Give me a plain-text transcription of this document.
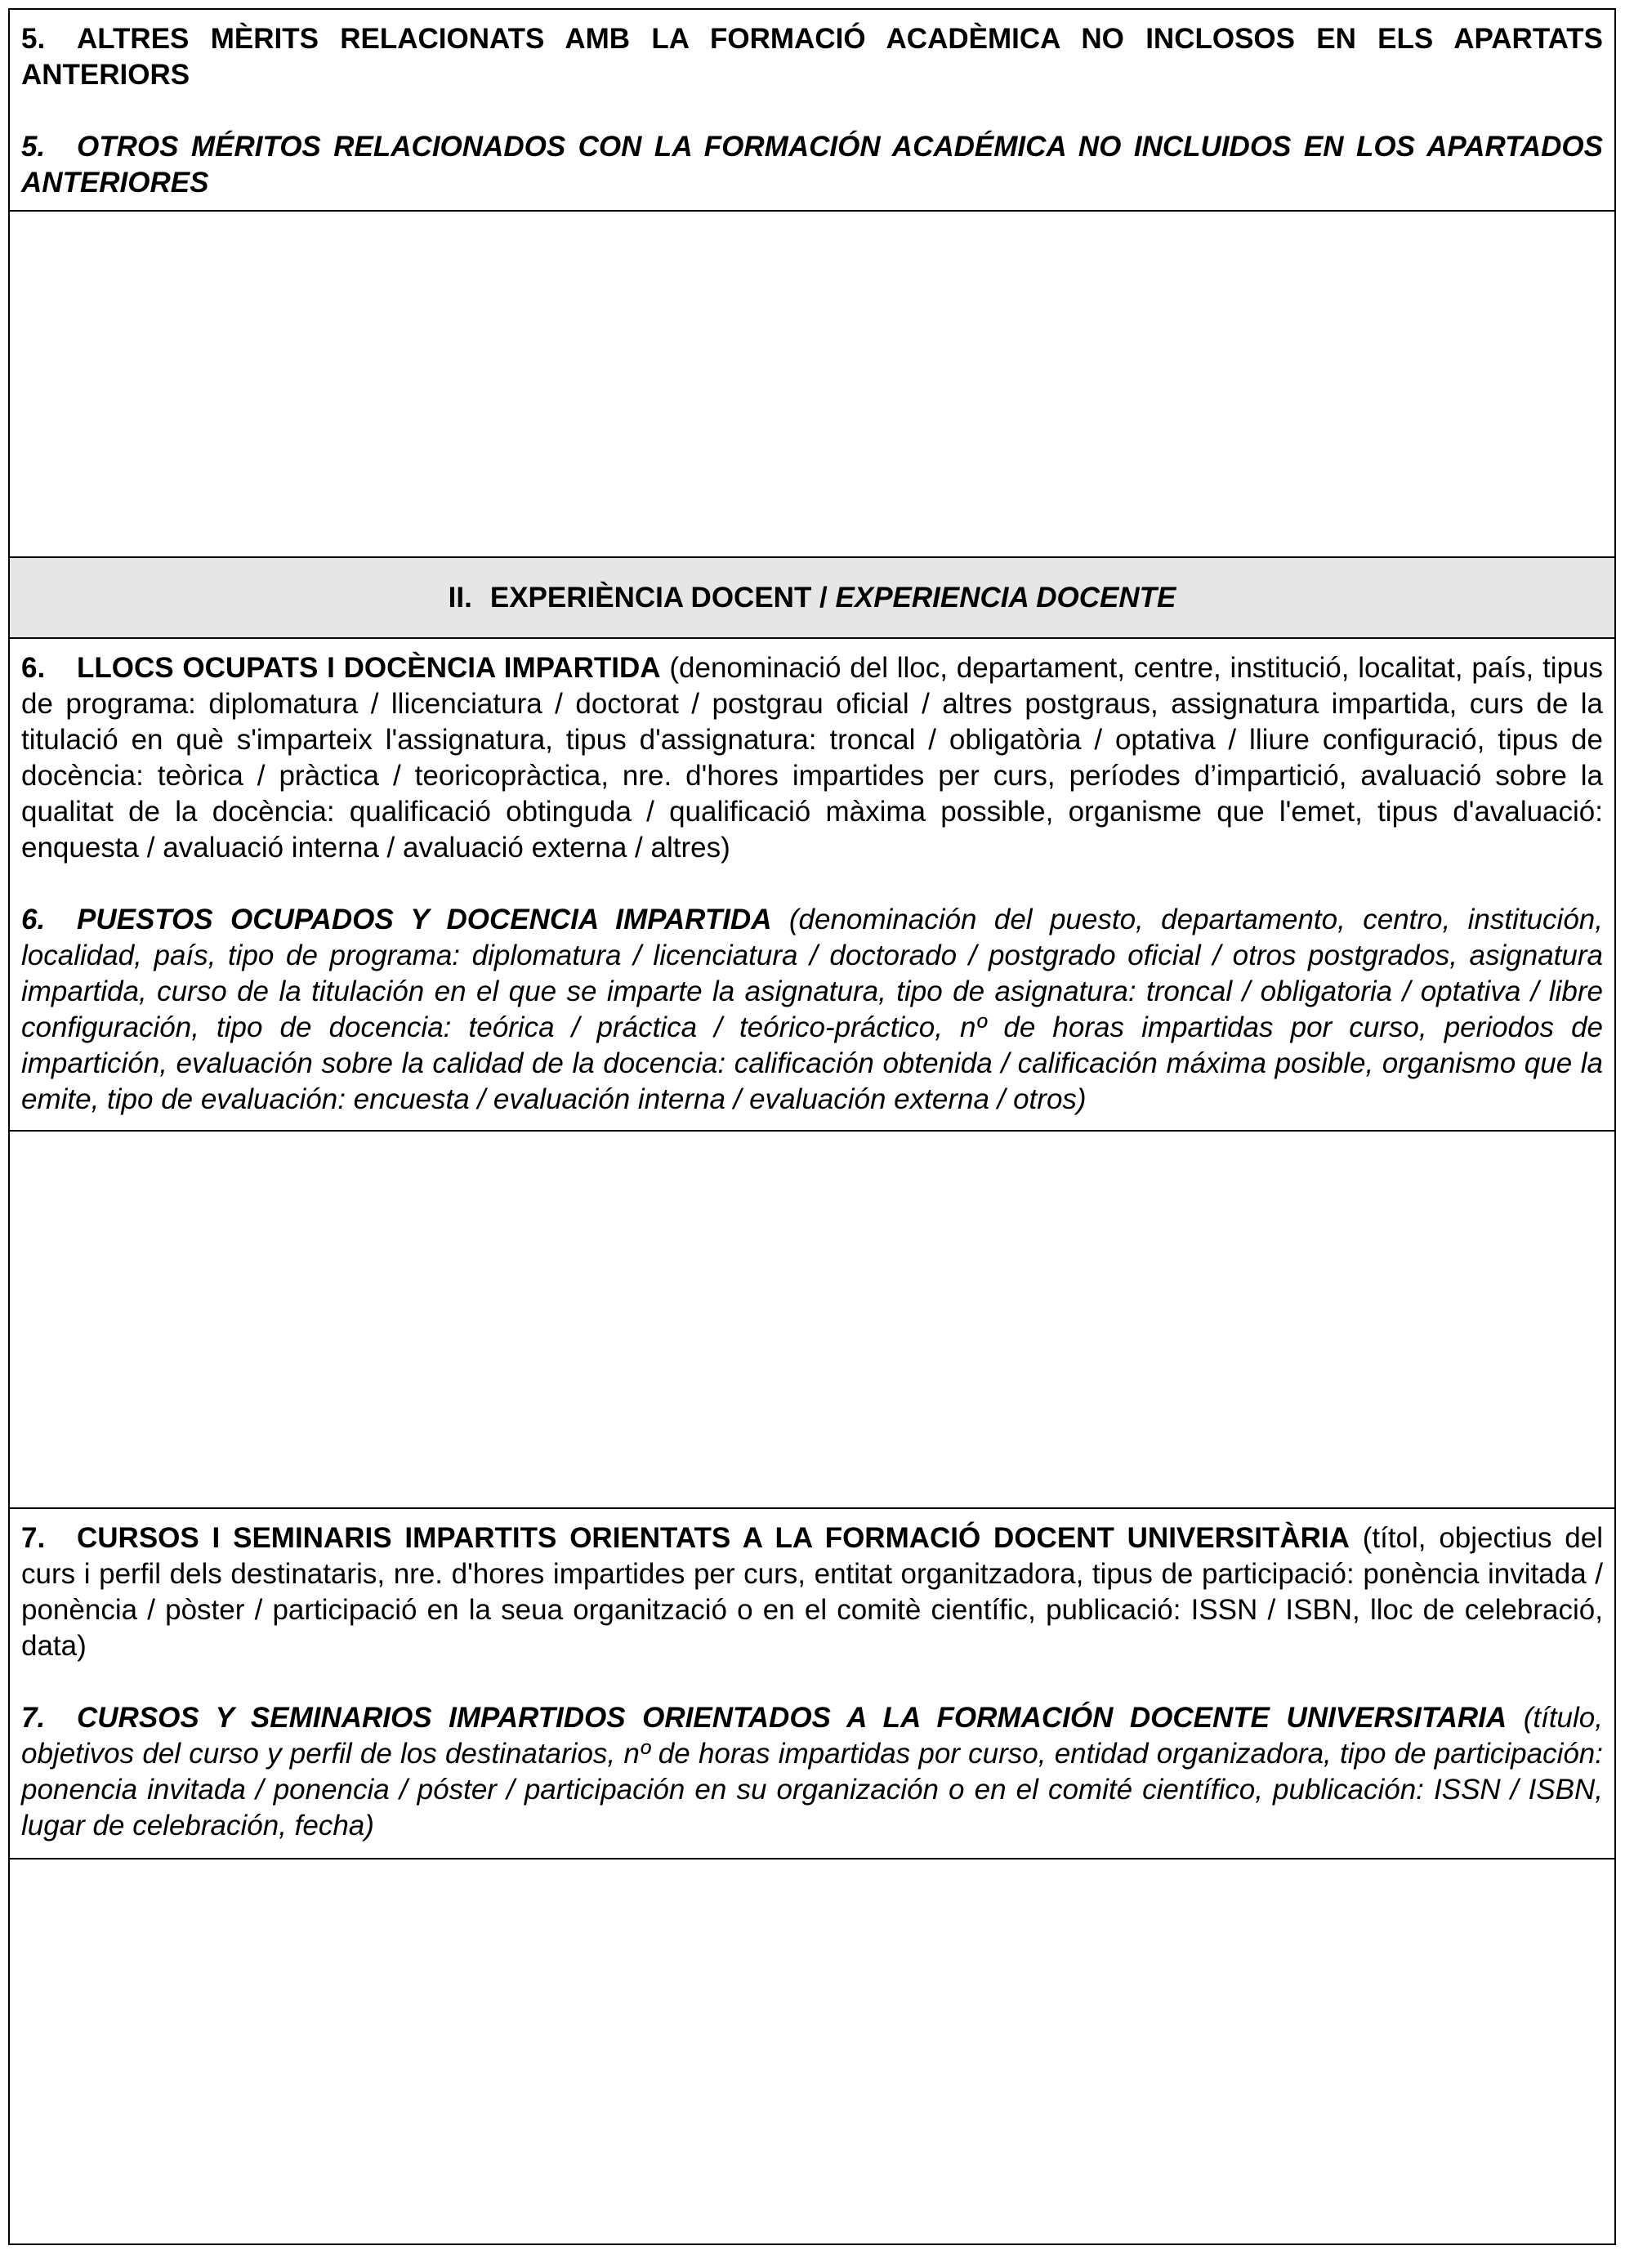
5. ALTRES MÈRITS RELACIONATS AMB LA FORMACIÓ ACADÈMICA NO INCLOSOS EN ELS APARTATS ANTERIORS

5. OTROS MÉRITOS RELACIONADOS CON LA FORMACIÓN ACADÉMICA NO INCLUIDOS EN LOS APARTADOS ANTERIORES

II. EXPERIÈNCIA DOCENT /
EXPERIENCIA DOCENTE

6. LLOCS OCUPATS I DOCÈNCIA IMPARTIDA (denominació del lloc, departament, centre, institució, localitat, país, tipus de programa: diplomatura / llicenciatura / doctorat / postgrau oficial / altres postgraus, assignatura impartida, curs de la titulació en què s'imparteix l'assignatura, tipus d'assignatura: troncal / obligatòria / optativa / lliure configuració, tipus de docència: teòrica / pràctica / teoricopràctica, nre. d'hores impartides per curs, períodes d’impartició, avaluació sobre la qualitat de la docència: qualificació obtinguda / qualificació màxima possible, organisme que l'emet, tipus d'avaluació: enquesta / avaluació interna / avaluació externa / altres)

6. PUESTOS OCUPADOS Y DOCENCIA IMPARTIDA (denominación del puesto, departamento, centro, institución, localidad, país, tipo de programa: diplomatura / licenciatura / doctorado / postgrado oficial / otros postgrados, asignatura impartida, curso de la titulación en el que se imparte la asignatura, tipo de asignatura: troncal / obligatoria / optativa / libre configuración, tipo de docencia: teórica / práctica / teórico-práctico, nº de horas impartidas por curso, periodos de impartición, evaluación sobre la calidad de la docencia: calificación obtenida / calificación máxima posible, organismo que la emite, tipo de evaluación: encuesta / evaluación interna / evaluación externa / otros)

7. CURSOS I SEMINARIS IMPARTITS ORIENTATS A LA FORMACIÓ DOCENT UNIVERSITÀRIA (títol, objectius del curs i perfil dels destinataris, nre. d'hores impartides per curs, entitat organitzadora, tipus de participació: ponència invitada / ponència / pòster / participació en la seua organització o en el comitè científic, publicació: ISSN / ISBN, lloc de celebració, data)

7. CURSOS Y SEMINARIOS IMPARTIDOS ORIENTADOS A LA FORMACIÓN DOCENTE UNIVERSITARIA (título, objetivos del curso y perfil de los destinatarios, nº de horas impartidas por curso, entidad organizadora, tipo de participación: ponencia invitada / ponencia / póster / participación en su organización o en el comité científico, publicación: ISSN / ISBN, lugar de celebración, fecha)
